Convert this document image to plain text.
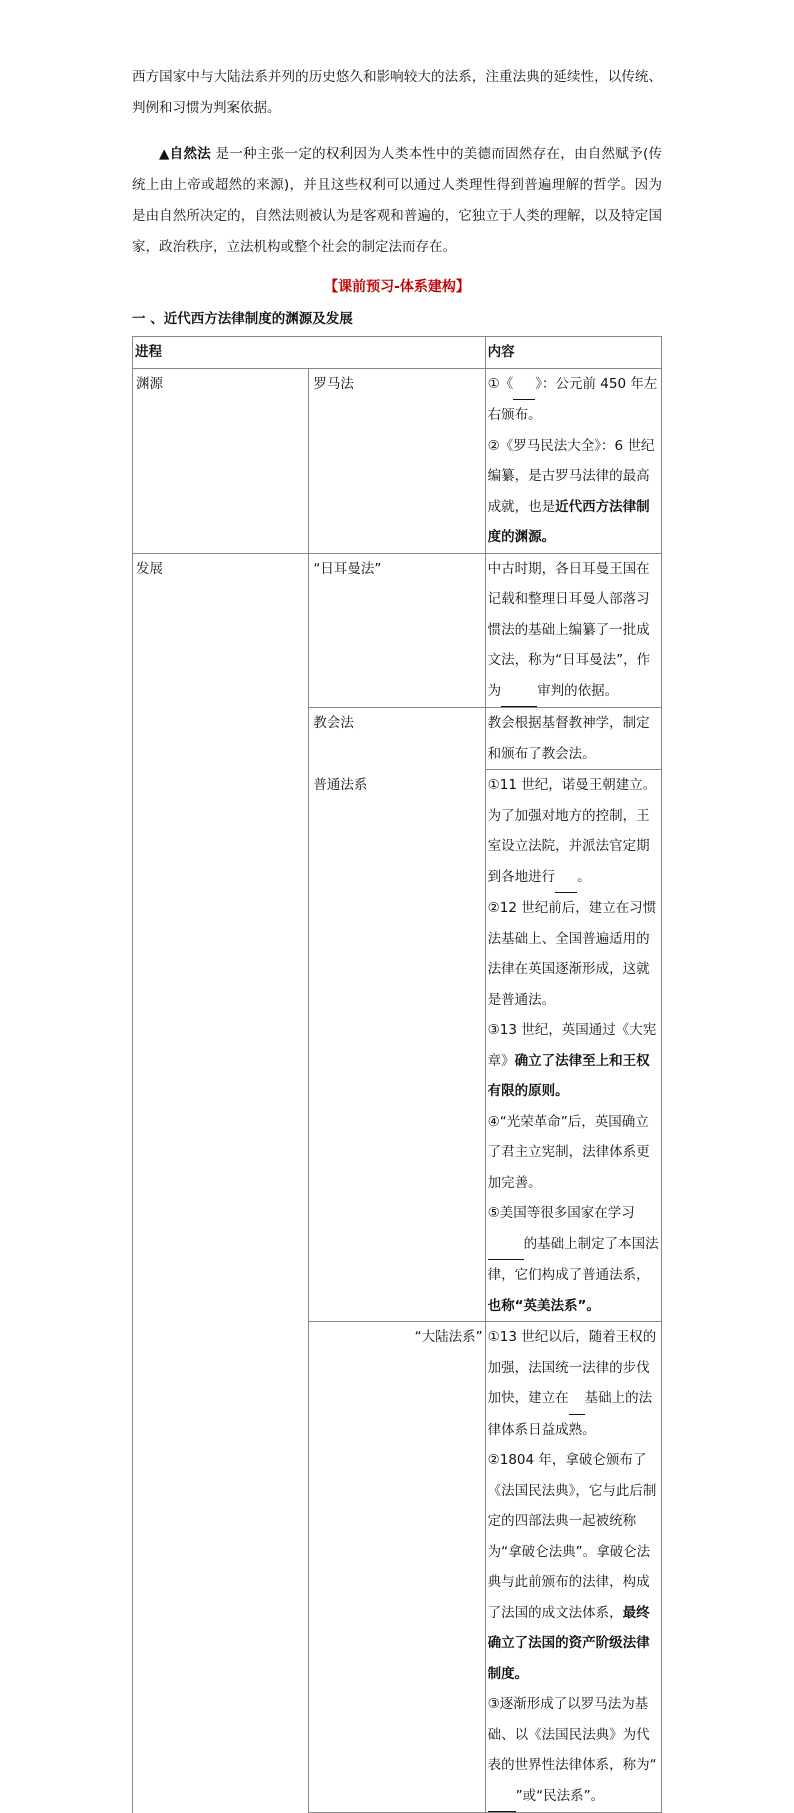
西方国家中与大陆法系并列的历史悠久和影响较大的法系，注重法典的延续性，以传统、判例和习惯为判案依据。

▲自然法 是一种主张一定的权利因为人类本性中的美德而固然存在，由自然赋予(传统上由上帝或超然的来源)，并且这些权利可以通过人类理性得到普遍理解的哲学。因为是由自然所决定的，自然法则被认为是客观和普遍的，它独立于人类的理解，以及特定国家，政治秩序，立法机构或整个社会的制定法而存在。

【课前预习-体系建构】
一 、近代西方法律制度的渊源及发展
进程		内容
渊源	罗马法	①《 》：公元前 450 年左右颁布。
②《罗马民法大全》：6 世纪编纂，是古罗马法律的最高成就，也是近代西方法律制度的渊源。

发展	“日耳曼法”	中古时期，各日耳曼王国在记载和整理日耳曼人部落习惯法的基础上编纂了一批成文法，称为“日耳曼法”，作为 审判的依据。
	教会法	教会根据基督教神学，制定和颁布了教会法。
	普通法系	①11 世纪，诺曼王朝建立。为了加强对地方的控制，王室设立法院，并派法官定期到各地进行 。
②12 世纪前后，建立在习惯法基础上、全国普遍适用的法律在英国逐渐形成，这就是普通法。
③13 世纪，英国通过《大宪章》确立了法律至上和王权有限的原则。
④“光荣革命”后，英国确立了君主立宪制，法律体系更加完善。
⑤美国等很多国家在学习 的基础上制定了本国法律，它们构成了普通法系，也称“英美法系”。

	“大陆法系”	①13 世纪以后，随着王权的加强，法国统一法律的步伐加快，建立在 基础上的法律体系日益成熟。
②1804 年，拿破仑颁布了《法国民法典》，它与此后制定的四部法典一起被统称为“拿破仑法典”。拿破仑法典与此前颁布的法律，构成了法国的成文法体系，最终确立了法国的资产阶级法律制度。
③逐渐形成了以罗马法为基础、以《法国民法典》为代表的世界性法律体系，称为“ ”或“民法系”。
